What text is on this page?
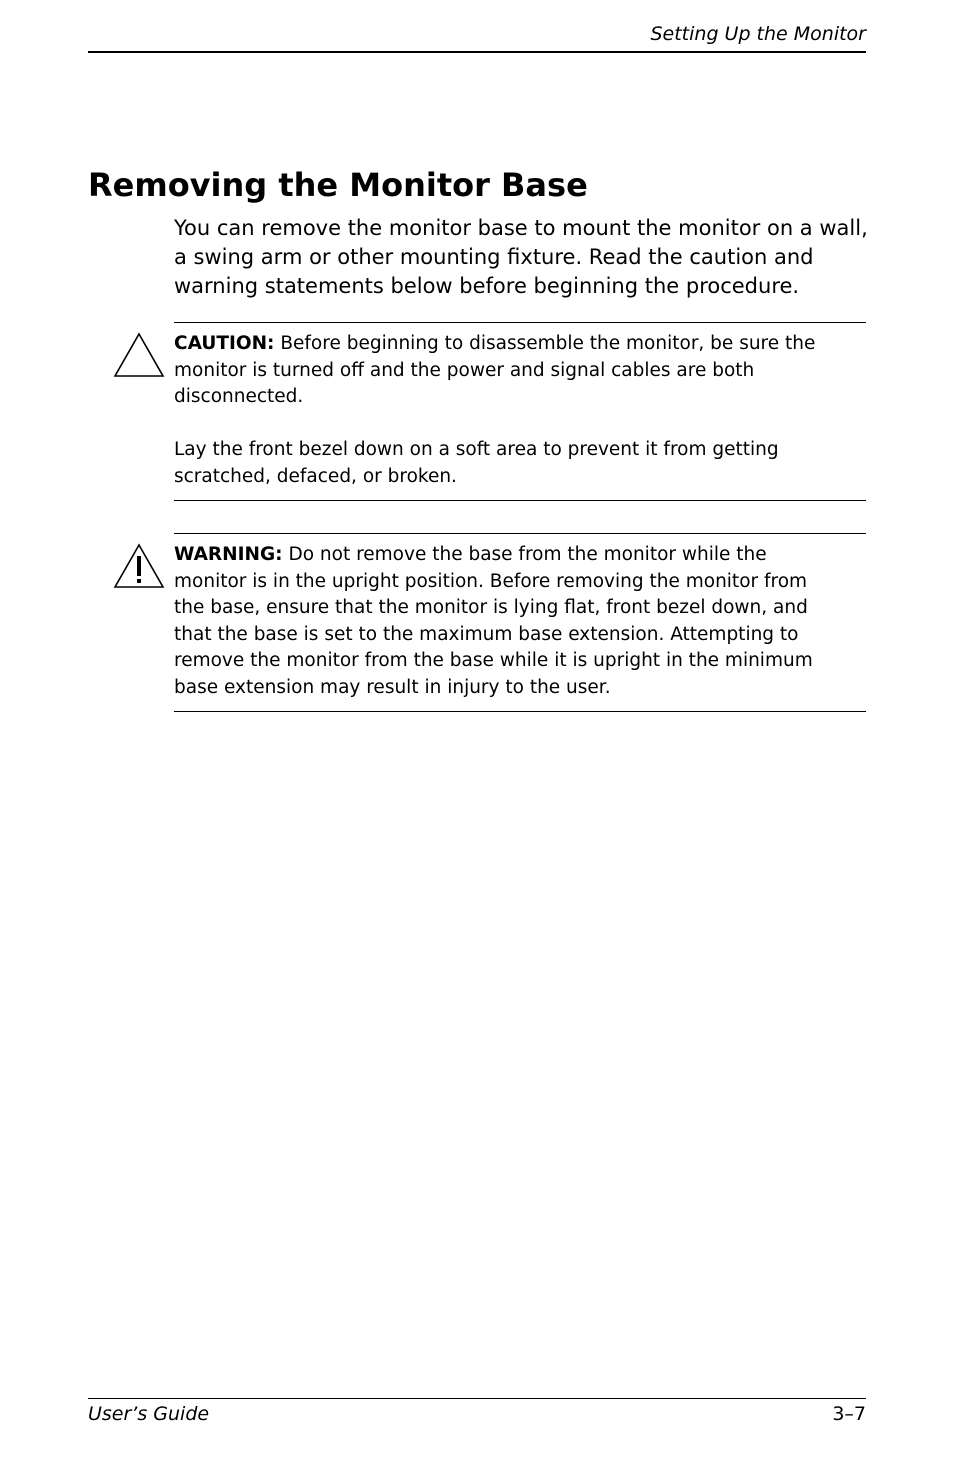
Setting Up the Monitor
Removing the Monitor Base

You can remove the monitor base to mount the monitor on a wall, a swing arm or other mounting fixture. Read the caution and warning statements below before beginning the procedure.

CAUTION: Before beginning to disassemble the monitor, be sure the monitor is turned off and the power and signal cables are both disconnected.

Lay the front bezel down on a soft area to prevent it from getting scratched, defaced, or broken.

WARNING: Do not remove the base from the monitor while the monitor is in the upright position. Before removing the monitor from the base, ensure that the monitor is lying flat, front bezel down, and that the base is set to the maximum base extension. Attempting to remove the monitor from the base while it is upright in the minimum base extension may result in injury to the user.

User’s Guide	3–7
